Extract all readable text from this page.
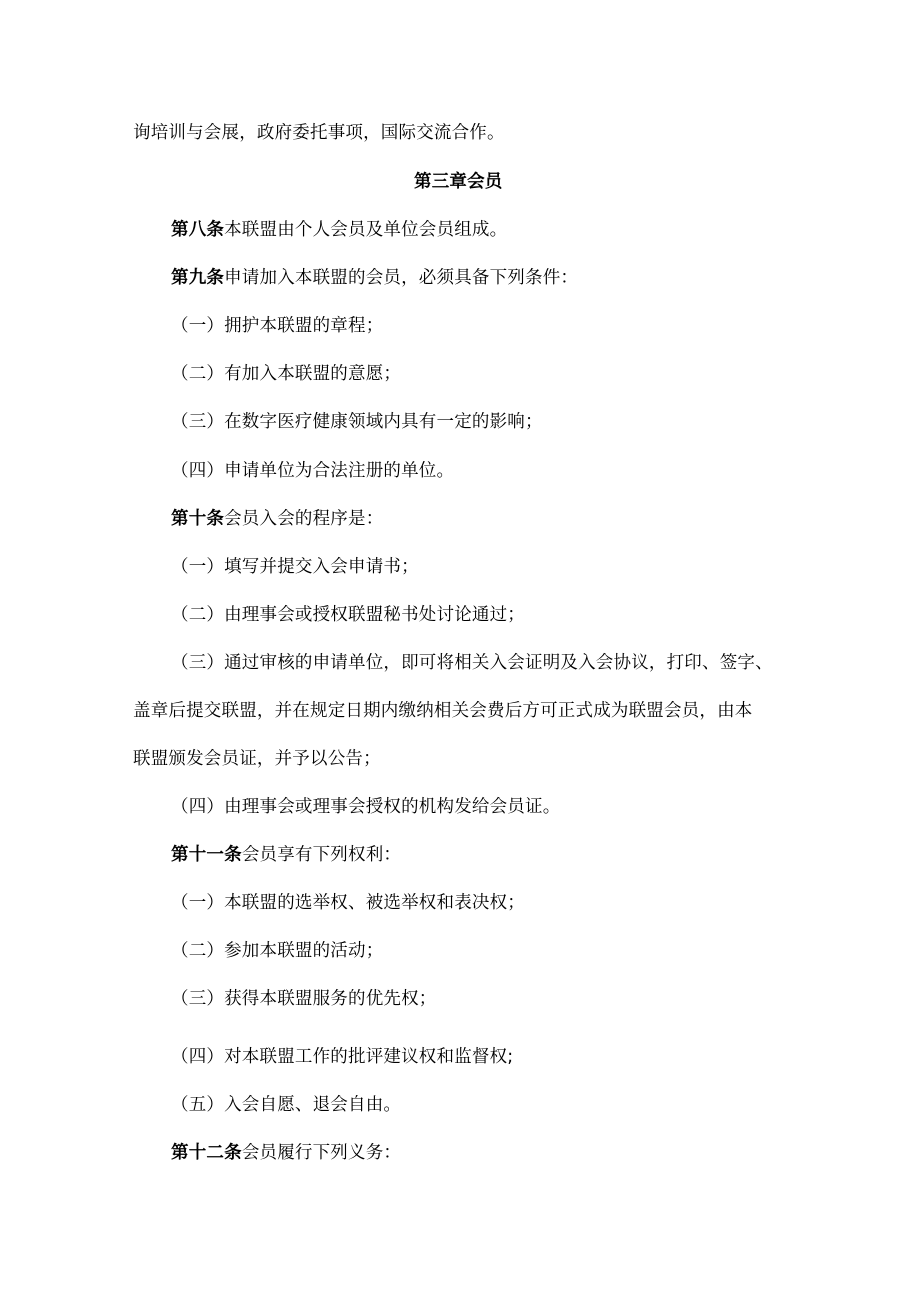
询培训与会展，政府委托事项，国际交流合作。
第三章会员
第八条本联盟由个人会员及单位会员组成。
第九条申请加入本联盟的会员，必须具备下列条件：
（一）拥护本联盟的章程；
（二）有加入本联盟的意愿；
（三）在数字医疗健康领域内具有一定的影响；
（四）申请单位为合法注册的单位。
第十条会员入会的程序是：
（一）填写并提交入会申请书；
（二）由理事会或授权联盟秘书处讨论通过；
（三）通过审核的申请单位，即可将相关入会证明及入会协议，打印、签字、
盖章后提交联盟，并在规定日期内缴纳相关会费后方可正式成为联盟会员，由本
联盟颁发会员证，并予以公告；
（四）由理事会或理事会授权的机构发给会员证。
第十一条会员享有下列权利：
（一）本联盟的选举权、被选举权和表决权；
（二）参加本联盟的活动；
（三）获得本联盟服务的优先权；
（四）对本联盟工作的批评建议权和监督权;
（五）入会自愿、退会自由。
第十二条会员履行下列义务：
